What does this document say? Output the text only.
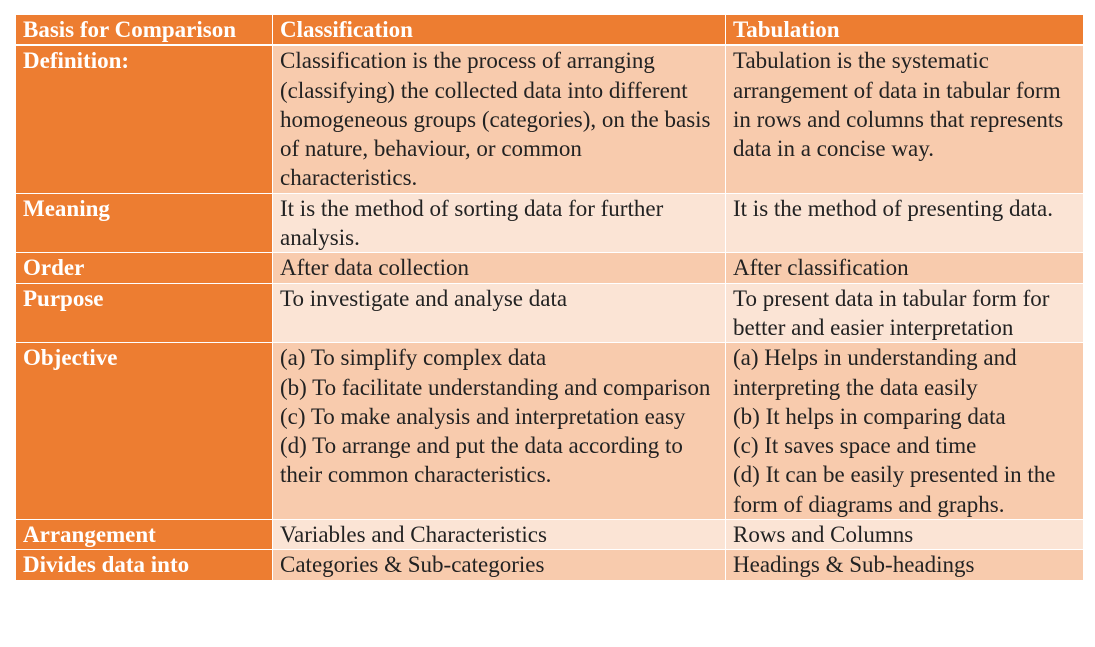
Basis for Comparison	Classification	Tabulation
Definition:	Classification is the process of arranging (classifying) the collected data into different homogeneous groups (categories), on the basis of nature, behaviour, or common characteristics.	Tabulation is the systematic arrangement of data in tabular form in rows and columns that represents data in a concise way.

Meaning	It is the method of sorting data for further analysis.	It is the method of presenting data.

Order	After data collection	After classification

Purpose	To investigate and analyse data	To present data in tabular form for better and easier interpretation

Objective	(a) To simplify complex data
(b) To facilitate understanding and comparison
(c) To make analysis and interpretation easy
(d) To arrange and put the data according to their common characteristics.	(a) Helps in understanding and interpreting the data easily
(b) It helps in comparing data
(c) It saves space and time
(d) It can be easily presented in the form of diagrams and graphs.

Arrangement	Variables and Characteristics	Rows and Columns

Divides data into	Categories & Sub-categories	Headings & Sub-headings
